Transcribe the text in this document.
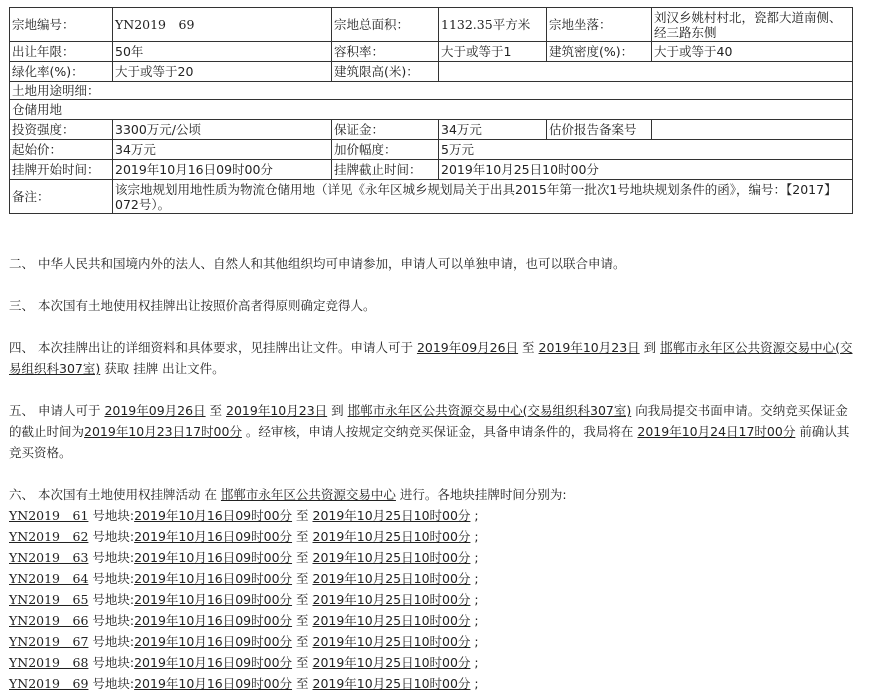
宗地编号：	YN2019　69	宗地总面积：	1132.35平方米	宗地坐落：	刘汉乡姚村村北，瓷都大道南侧、经三路东侧
出让年限：	50年	容积率：	大于或等于1	建筑密度(%)：	大于或等于40
绿化率(%)：	大于或等于20	建筑限高(米)：			
土地用途明细：					
仓储用地					
投资强度：	3300万元/公顷	保证金：	34万元	估价报告备案号	
起始价：	34万元	加价幅度：	5万元		
挂牌开始时间：	2019年10月16日09时00分	挂牌截止时间：	2019年10月25日10时00分		
备注：	该宗地规划用地性质为物流仓储用地（详见《永年区城乡规划局关于出具2015年第一批次1号地块规划条件的函》，编号：【2017】072号）。				

二、 中华人民共和国境内外的法人、自然人和其他组织均可申请参加，申请人可以单独申请，也可以联合申请。

三、 本次国有土地使用权挂牌出让按照价高者得原则确定竞得人。

四、 本次挂牌出让的详细资料和具体要求，见挂牌出让文件。申请人可于 2019年09月26日 至 2019年10月23日 到 邯郸市永年区公共资源交易中心(交易组织科307室) 获取 挂牌 出让文件。

五、 申请人可于 2019年09月26日 至 2019年10月23日 到 邯郸市永年区公共资源交易中心(交易组织科307室) 向我局提交书面申请。交纳竞买保证金的截止时间为2019年10月23日17时00分 。经审核，申请人按规定交纳竞买保证金，具备申请条件的，我局将在 2019年10月24日17时00分 前确认其竞买资格。

六、 本次国有土地使用权挂牌活动 在 邯郸市永年区公共资源交易中心 进行。各地块挂牌时间分别为:

YN2019　61 号地块:2019年10月16日09时00分 至 2019年10月25日10时00分 ;

YN2019　62 号地块:2019年10月16日09时00分 至 2019年10月25日10时00分 ;

YN2019　63 号地块:2019年10月16日09时00分 至 2019年10月25日10时00分 ;

YN2019　64 号地块:2019年10月16日09时00分 至 2019年10月25日10时00分 ;

YN2019　65 号地块:2019年10月16日09时00分 至 2019年10月25日10时00分 ;

YN2019　66 号地块:2019年10月16日09时00分 至 2019年10月25日10时00分 ;

YN2019　67 号地块:2019年10月16日09时00分 至 2019年10月25日10时00分 ;

YN2019　68 号地块:2019年10月16日09时00分 至 2019年10月25日10时00分 ;

YN2019　69 号地块:2019年10月16日09时00分 至 2019年10月25日10时00分 ;
